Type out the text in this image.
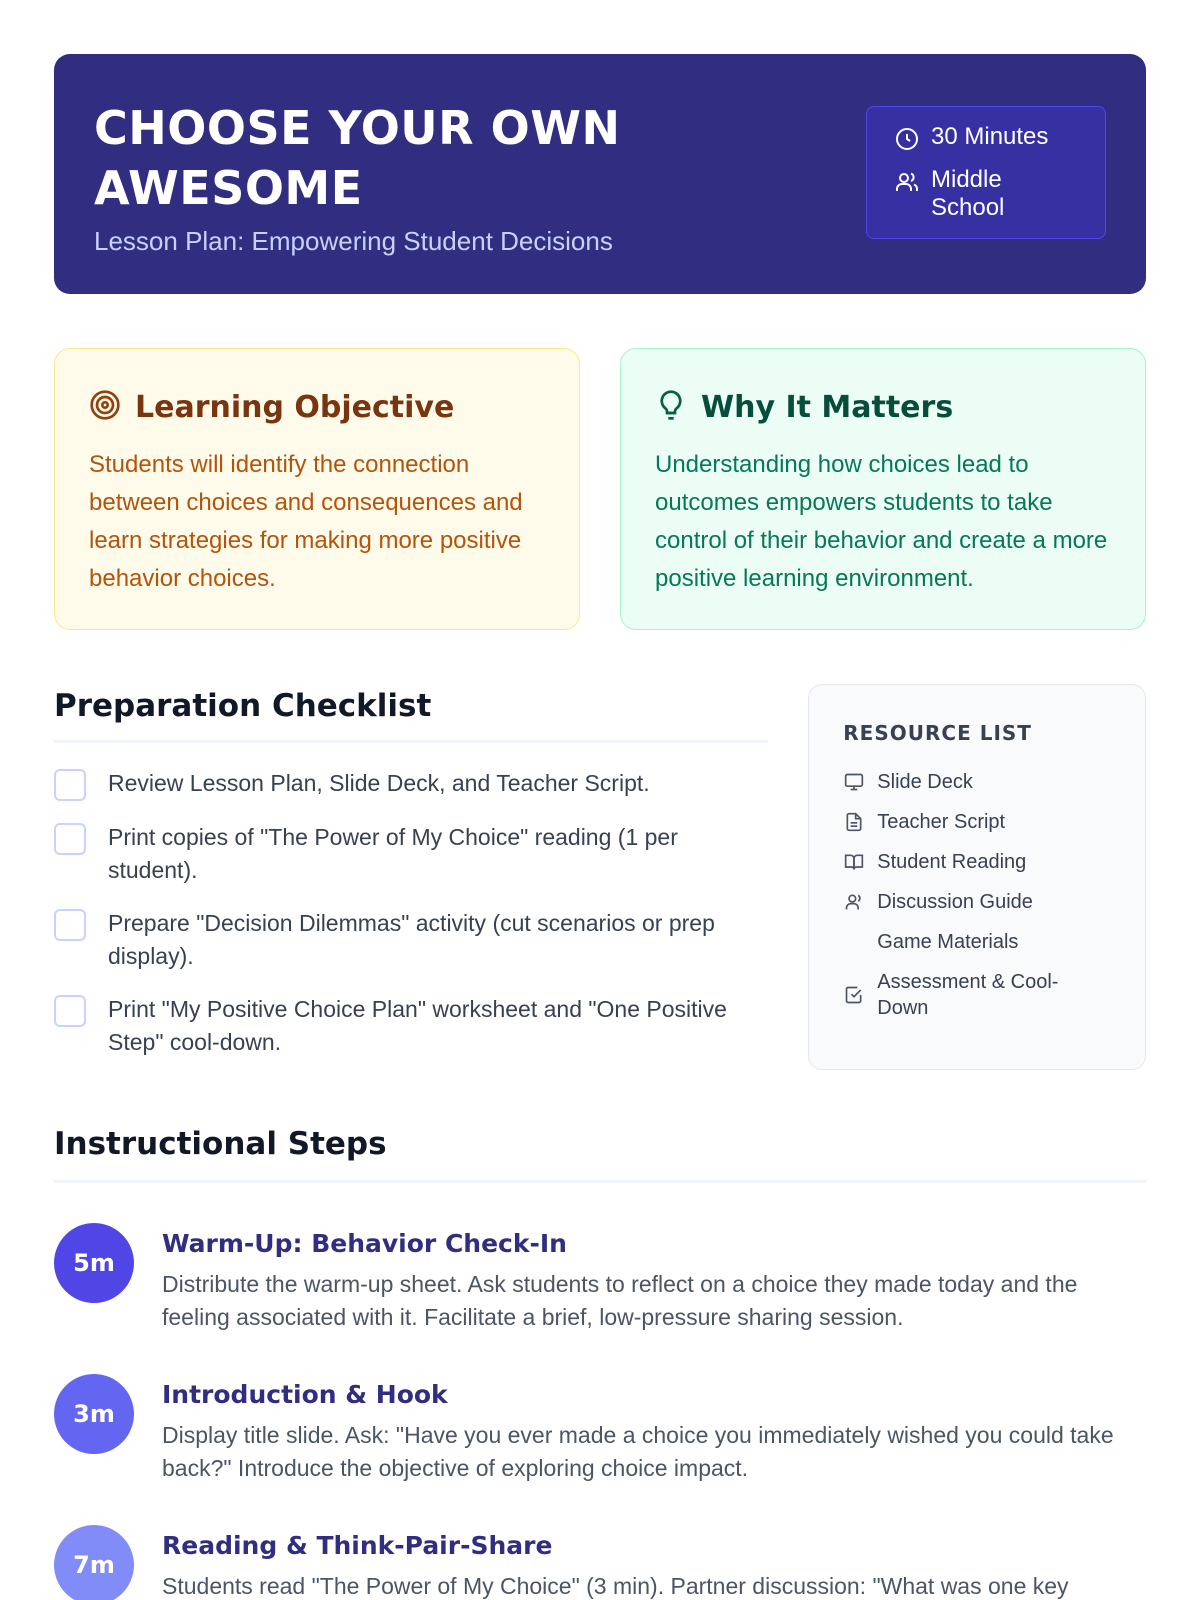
CHOOSE YOUR OWN
AWESOME
Lesson Plan: Empowering Student Decisions
30 Minutes
Middle
School
Learning Objective

Students will identify the connection between choices and consequences and learn strategies for making more positive behavior choices.

Why It Matters

Understanding how choices lead to outcomes empowers students to take control of their behavior and create a more positive learning environment.

Preparation Checklist
Review Lesson Plan, Slide Deck, and Teacher Script.
Print copies of "The Power of My Choice" reading (1 per student).
Prepare "Decision Dilemmas" activity (cut scenarios or prep display).
Print "My Positive Choice Plan" worksheet and "One Positive Step" cool-down.
RESOURCE LIST
Slide Deck
Teacher Script
Student Reading
Discussion Guide
Game Materials
Assessment & Cool-Down
Instructional Steps
5m
Warm-Up: Behavior Check-In

Distribute the warm-up sheet. Ask students to reflect on a choice they made today and the feeling associated with it. Facilitate a brief, low-pressure sharing session.

3m
Introduction & Hook

Display title slide. Ask: "Have you ever made a choice you immediately wished you could take back?" Introduce the objective of exploring choice impact.

7m
Reading & Think-Pair-Share

Students read "The Power of My Choice" (3 min). Partner discussion: "What was one key
